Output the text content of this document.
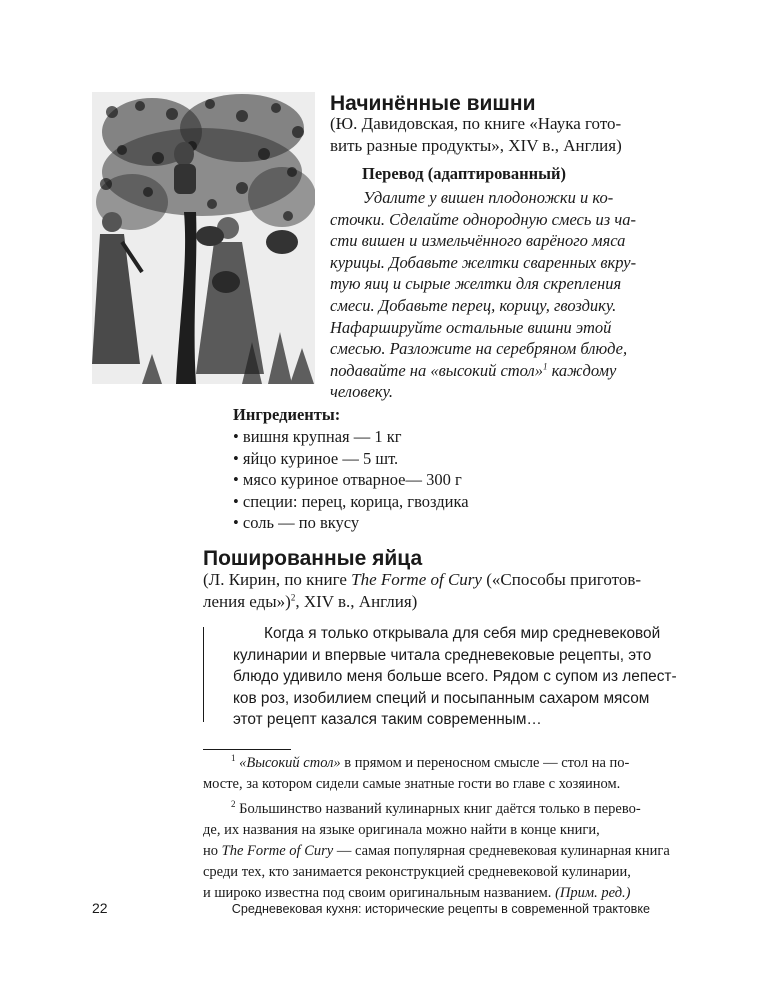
Начинённые вишни
(Ю. Давидовская, по книге «Наука гото-
вить разные продукты», XIV в., Англия)
Перевод (адаптированный)
Удалите у вишен плодоножки и ко-
сточки. Сделайте однородную смесь из ча-
сти вишен и измельчённого варёного мяса
курицы. Добавьте желтки сваренных вкру-
тую яиц и сырые желтки для скрепления
смеси. Добавьте перец, корицу, гвоздику.
Нафаршируйте остальные вишни этой
смесью. Разложите на серебряном блюде,
подавайте на «высокий стол»$^1$ каждому
человеку.
Ингредиенты:
• вишня крупная — 1 кг
• яйцо куриное — 5 шт.
• мясо куриное отварное— 300 г
• специи: перец, корица, гвоздика
• соль — по вкусу
Пошированные яйца
(Л. Кирин, по книге The Forme of Cury («Способы приготов-
ления еды»)$^2$, XIV в., Англия)
Когда я только открывала для себя мир средневековой
кулинарии и впервые читала средневековые рецепты, это
блюдо удивило меня больше всего. Рядом с супом из лепест-
ков роз, изобилием специй и посыпанным сахаром мясом
этот рецепт казался таким современным…
$^1$ «Высокий стол» в прямом и переносном смысле — стол на по-
мосте, за котором сидели самые знатные гости во главе с хозяином.
$^2$ Большинство названий кулинарных книг даётся только в перево-
де, их названия на языке оригинала можно найти в конце книги,
но The Forme of Cury — самая популярная средневековая кулинарная книга
среди тех, кто занимается реконструкцией средневековой кулинарии,
и широко известна под своим оригинальным названием. (Прим. ред.)
22	Средневековая кухня: исторические рецепты в современной трактовке
